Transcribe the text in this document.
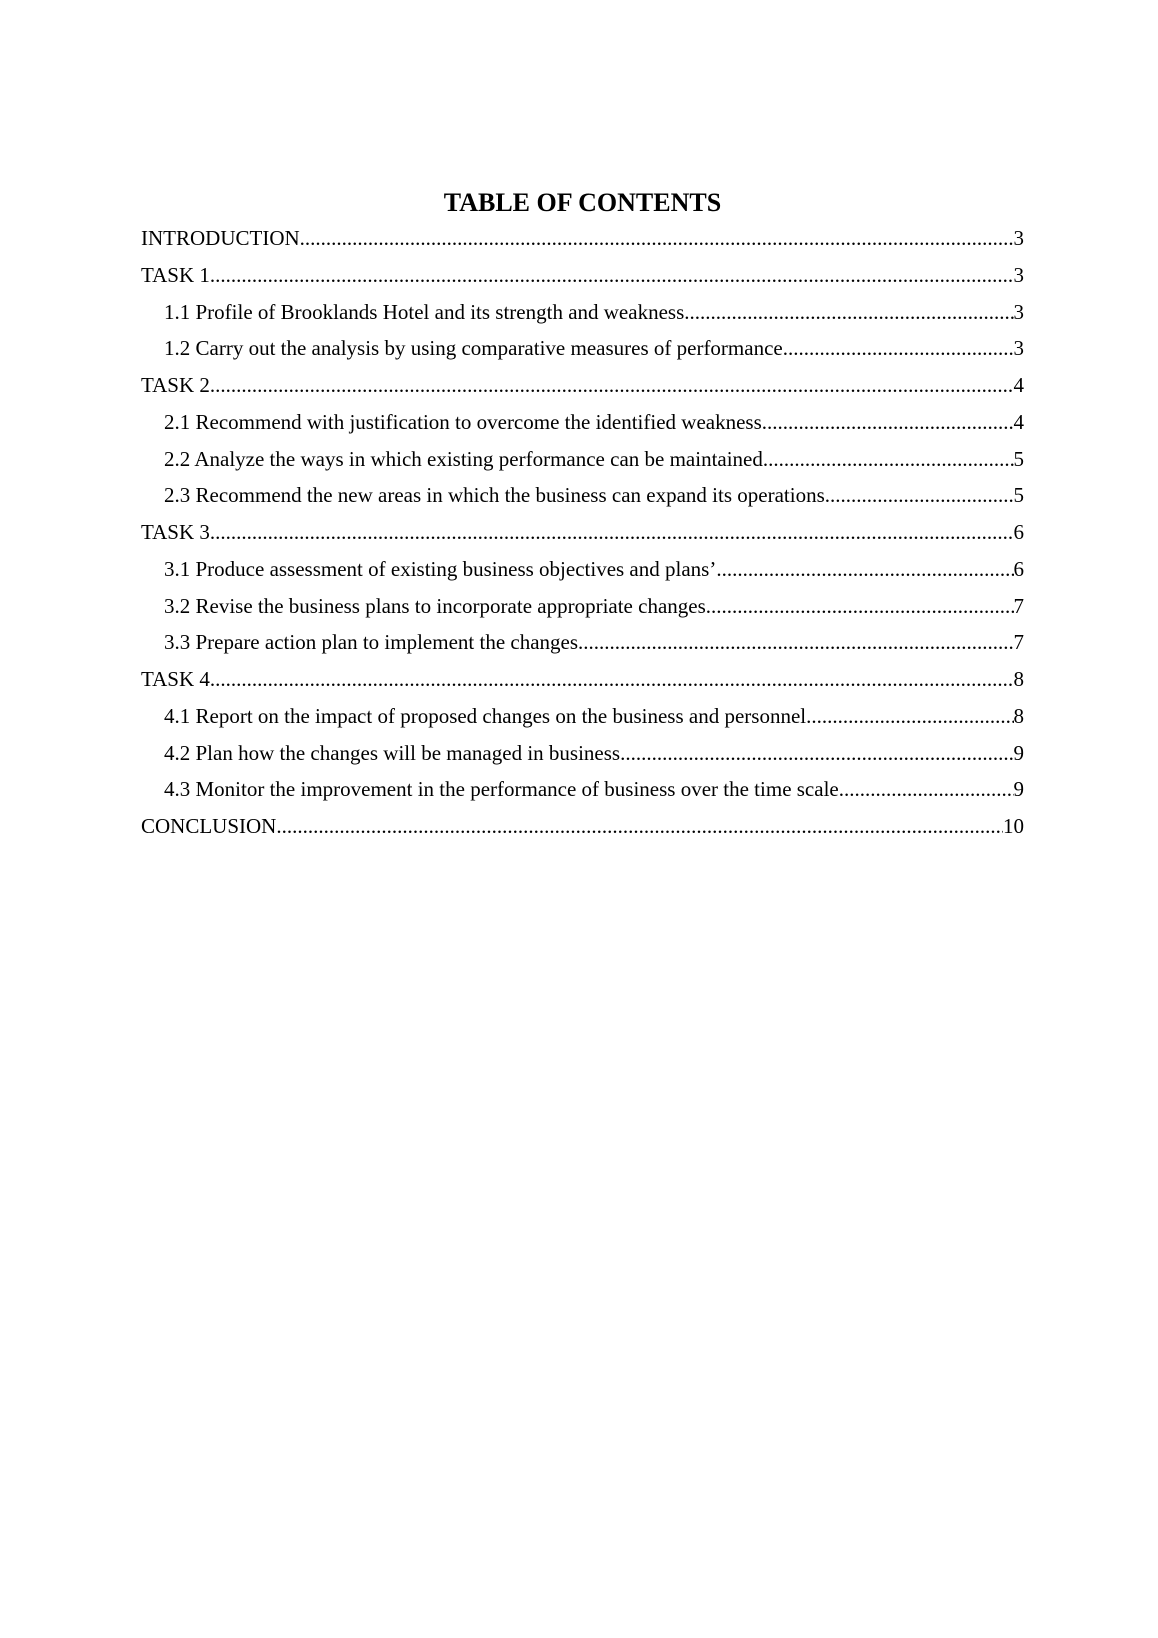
TABLE OF CONTENTS
INTRODUCTION .....	3
TASK 1 .....	3
1.1 Profile of Brooklands Hotel and its strength and weakness .....	3
1.2 Carry out the analysis by using comparative measures of performance .....	3
TASK 2 .....	4
2.1 Recommend with justification to overcome the identified weakness .....	4
2.2 Analyze the ways in which existing performance can be maintained .....	5
2.3 Recommend the new areas in which the business can expand its operations .....	5
TASK 3 .....	6
3.1 Produce assessment of existing business objectives and plans’ .....	6
3.2 Revise the business plans to incorporate appropriate changes .....	7
3.3 Prepare action plan to implement the changes .....	7
TASK 4 .....	8
4.1 Report on the impact of proposed changes on the business and personnel .....	8
4.2 Plan how the changes will be managed in business .....	9
4.3 Monitor the improvement in the performance of business over the time scale .....	9
CONCLUSION .....	10
